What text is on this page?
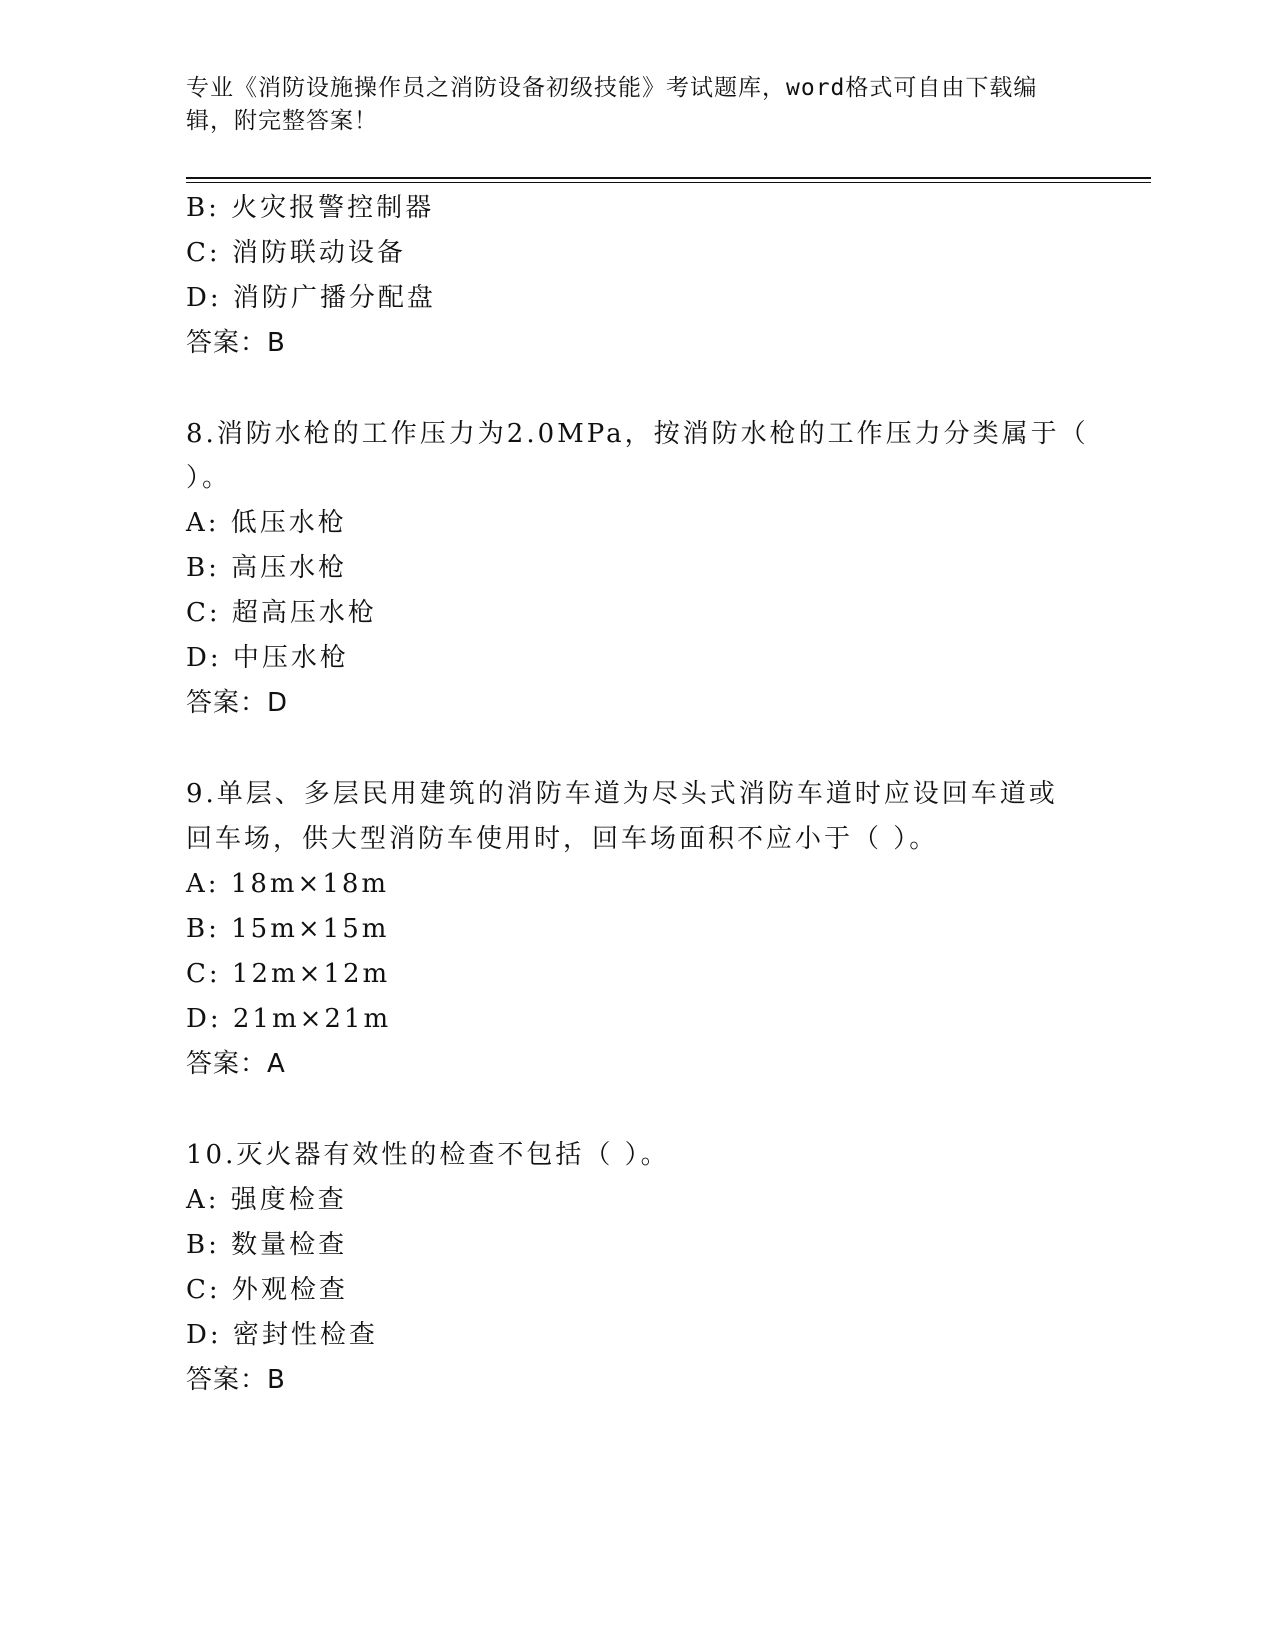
专业《消防设施操作员之消防设备初级技能》考试题库，word格式可自由下载编
辑，附完整答案！
B: 火灾报警控制器
C: 消防联动设备
D: 消防广播分配盘
答案：B
8.消防水枪的工作压力为2.0MPa，按消防水枪的工作压力分类属于（
）。
A: 低压水枪
B: 高压水枪
C: 超高压水枪
D: 中压水枪
答案：D
9.单层、多层民用建筑的消防车道为尽头式消防车道时应设回车道或
回车场，供大型消防车使用时，回车场面积不应小于（ ）。
A: 18m×18m
B: 15m×15m
C: 12m×12m
D: 21m×21m
答案：A
10.灭火器有效性的检查不包括（ ）。
A: 强度检查
B: 数量检查
C: 外观检查
D: 密封性检查
答案：B
